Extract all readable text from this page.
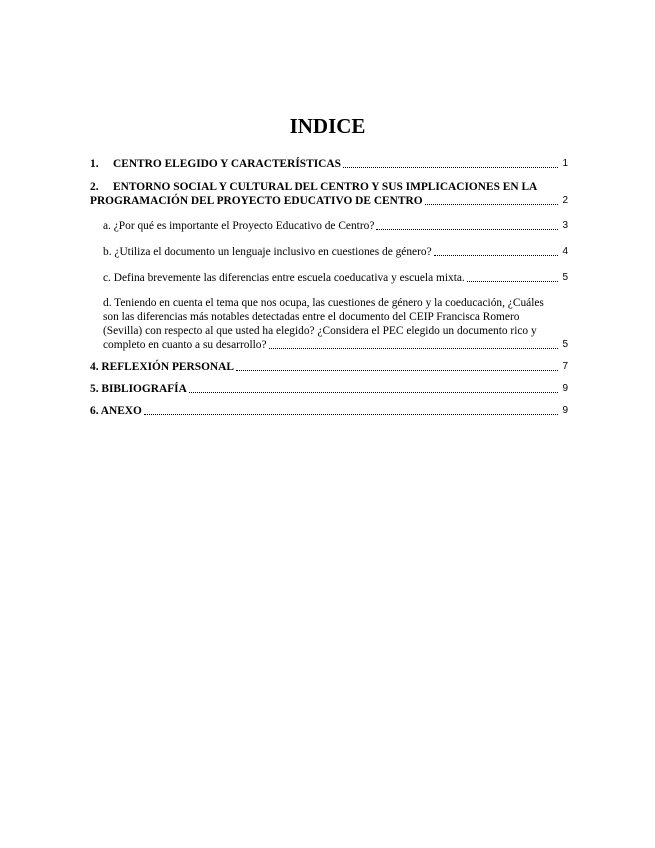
INDICE
1. CENTRO ELEGIDO Y CARACTERÍSTICAS	1
2. ENTORNO SOCIAL Y CULTURAL DEL CENTRO Y SUS IMPLICACIONES EN LA
PROGRAMACIÓN DEL PROYECTO EDUCATIVO DE CENTRO	2
a. ¿Por qué es importante el Proyecto Educativo de Centro?	3
b. ¿Utiliza el documento un lenguaje inclusivo en cuestiones de género?	4
c. Defina brevemente las diferencias entre escuela coeducativa y escuela mixta.	5
d. Teniendo en cuenta el tema que nos ocupa, las cuestiones de género y la coeducación, ¿Cuáles
son las diferencias más notables detectadas entre el documento del CEIP Francisca Romero
(Sevilla) con respecto al que usted ha elegido? ¿Considera el PEC elegido un documento rico y
completo en cuanto a su desarrollo?	5
4. REFLEXIÓN PERSONAL	7
5. BIBLIOGRAFÍA	9
6. ANEXO	9
